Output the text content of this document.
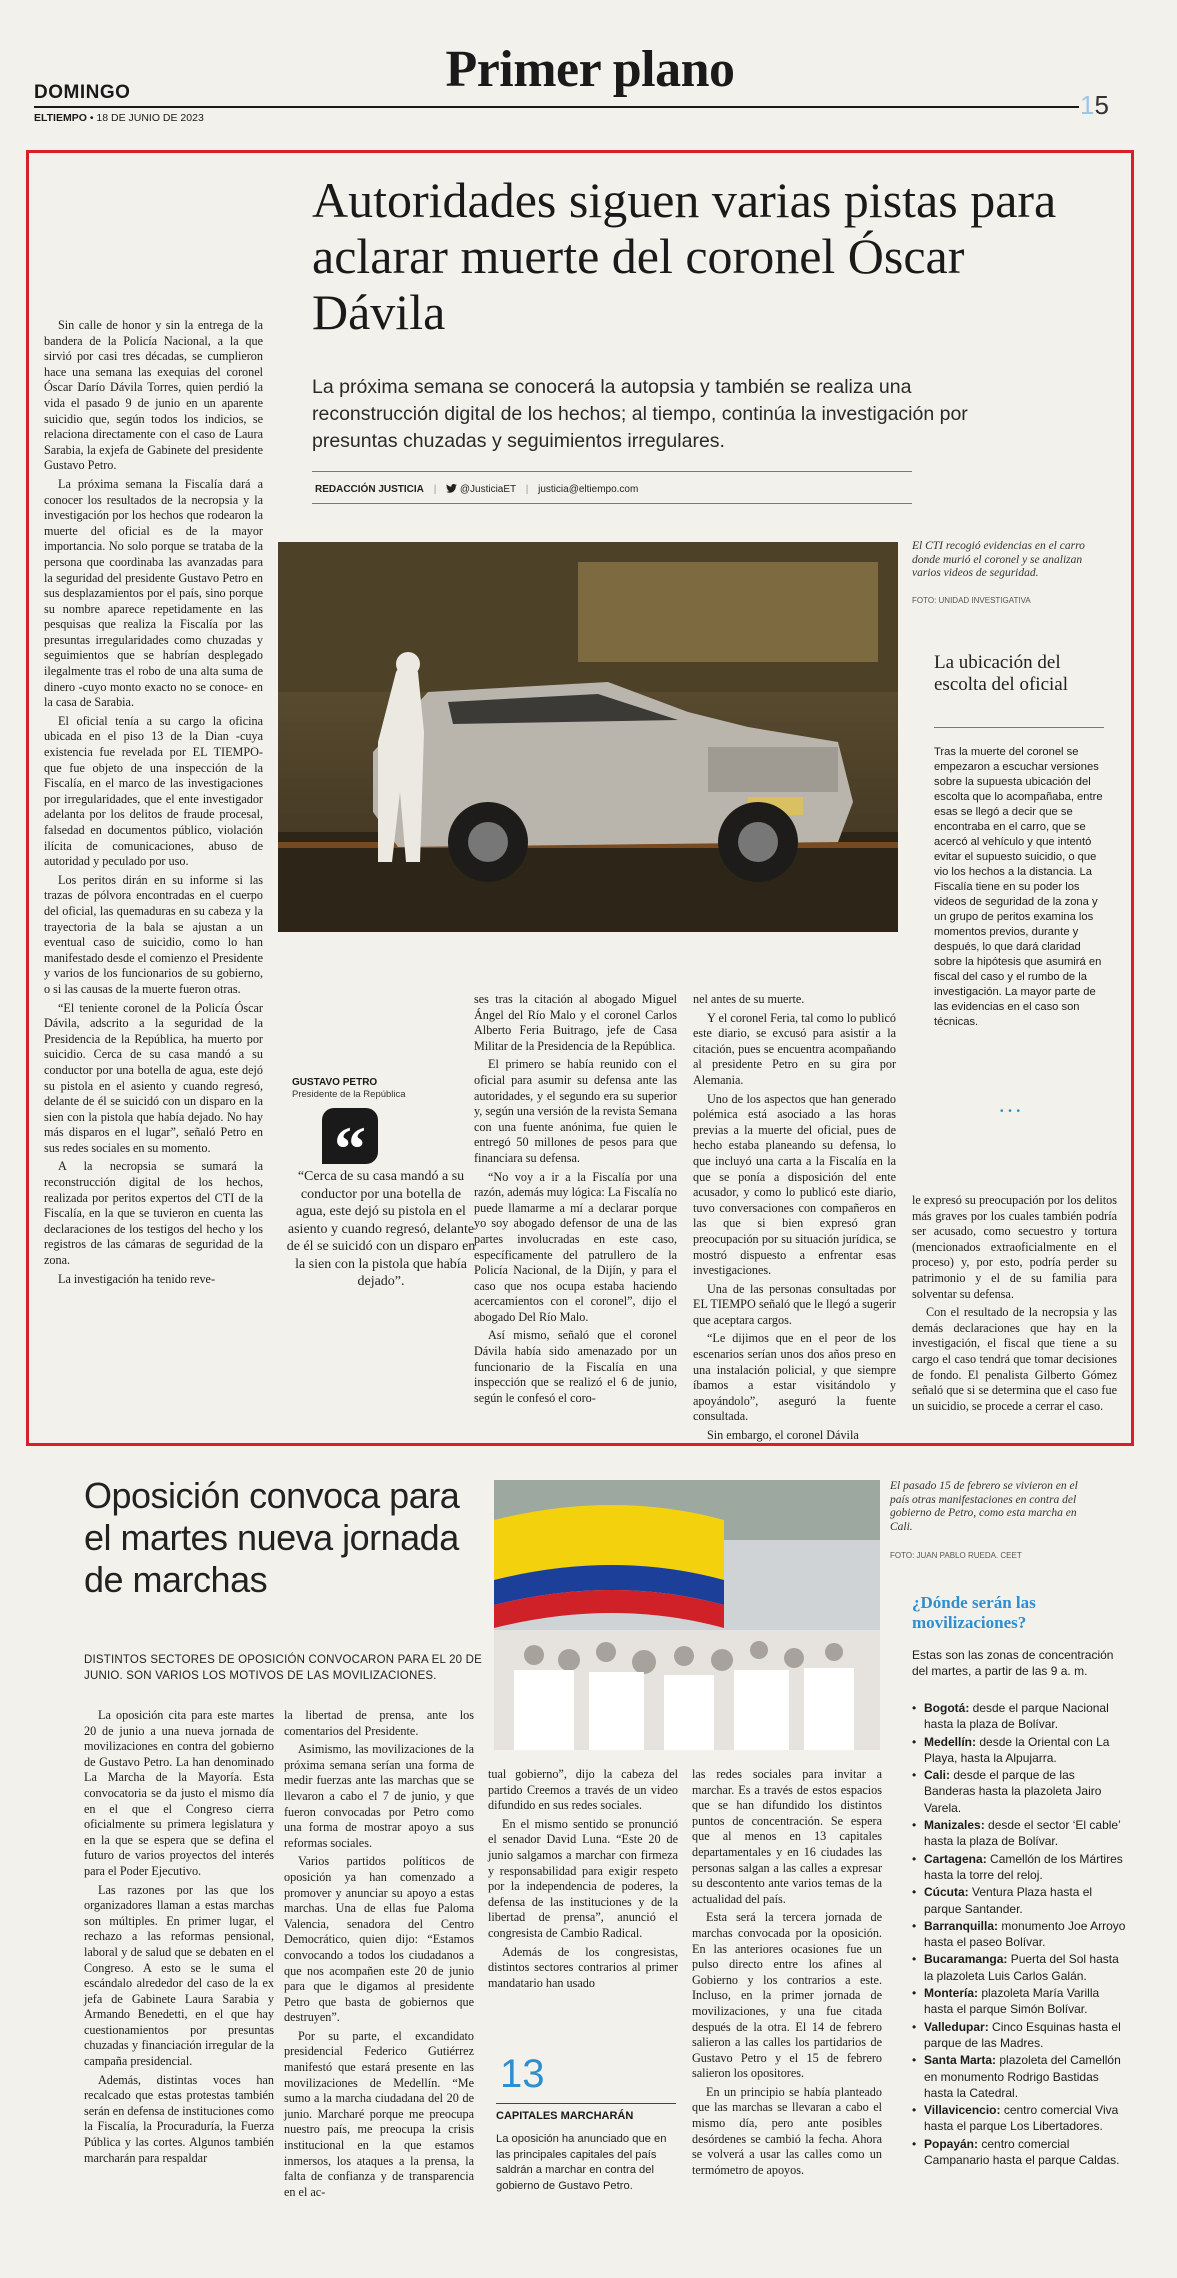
DOMINGO	Primer plano
ELTIEMPO • 18 DE JUNIO DE 2023	15
Autoridades siguen varias pistas para aclarar muerte del coronel Óscar Dávila
La próxima semana se conocerá la autopsia y también se realiza una reconstrucción digital de los hechos; al tiempo, continúa la investigación por presuntas chuzadas y seguimientos irregulares.
REDACCIÓN JUSTICIA | @JusticiaET | justicia@eltiempo.com
El CTI recogió evidencias en el carro donde murió el coronel y se analizan varios videos de seguridad.
FOTO: UNIDAD INVESTIGATIVA
La ubicación del escolta del oficial
Tras la muerte del coronel se empezaron a escuchar versiones sobre la supuesta ubicación del escolta que lo acompañaba, entre esas se llegó a decir que se encontraba en el carro, que se acercó al vehículo y que intentó evitar el supuesto suicidio, o que vio los hechos a la distancia. La Fiscalía tiene en su poder los videos de seguridad de la zona y un grupo de peritos examina los momentos previos, durante y después, lo que dará claridad sobre la hipótesis que asumirá en fiscal del caso y el rumbo de la investigación. La mayor parte de las evidencias en el caso son técnicas.
• • •
GUSTAVO PETRO
Presidente de la República
“
“Cerca de su casa mandó a su conductor por una botella de agua, este dejó su pistola en el asiento y cuando regresó, delante de él se suicidó con un disparo en la sien con la pistola que había dejado”.

Sin calle de honor y sin la entrega de la bandera de la Policía Nacional, a la que sirvió por casi tres décadas, se cumplieron hace una semana las exequias del coronel Óscar Darío Dávila Torres, quien perdió la vida el pasado 9 de junio en un aparente suicidio que, según todos los indicios, se relaciona directamente con el caso de Laura Sarabia, la exjefa de Gabinete del presidente Gustavo Petro.

La próxima semana la Fiscalía dará a conocer los resultados de la necropsia y la investigación por los hechos que rodearon la muerte del oficial es de la mayor importancia. No solo porque se trataba de la persona que coordinaba las avanzadas para la seguridad del presidente Gustavo Petro en sus desplazamientos por el país, sino porque su nombre aparece repetidamente en las pesquisas que realiza la Fiscalía por las presuntas irregularidades como chuzadas y seguimientos que se habrían desplegado ilegalmente tras el robo de una alta suma de dinero -cuyo monto exacto no se conoce- en la casa de Sarabia.

El oficial tenía a su cargo la oficina ubicada en el piso 13 de la Dian -cuya existencia fue revelada por EL TIEMPO- que fue objeto de una inspección de la Fiscalía, en el marco de las investigaciones por irregularidades, que el ente investigador adelanta por los delitos de fraude procesal, falsedad en documentos público, violación ilícita de comunicaciones, abuso de autoridad y peculado por uso.

Los peritos dirán en su informe si las trazas de pólvora encontradas en el cuerpo del oficial, las quemaduras en su cabeza y la trayectoria de la bala se ajustan a un eventual caso de suicidio, como lo han manifestado desde el comienzo el Presidente y varios de los funcionarios de su gobierno, o si las causas de la muerte fueron otras.

“El teniente coronel de la Policía Óscar Dávila, adscrito a la seguridad de la Presidencia de la República, ha muerto por suicidio. Cerca de su casa mandó a su conductor por una botella de agua, este dejó su pistola en el asiento y cuando regresó, delante de él se suicidó con un disparo en la sien con la pistola que había dejado. No hay más disparos en el lugar”, señaló Petro en sus redes sociales en su momento.

A la necropsia se sumará la reconstrucción digital de los hechos, realizada por peritos expertos del CTI de la Fiscalía, en la que se tuvieron en cuenta las declaraciones de los testigos del hecho y los registros de las cámaras de seguridad de la zona.

La investigación ha tenido reve-

ses tras la citación al abogado Miguel Ángel del Río Malo y el coronel Carlos Alberto Feria Buitrago, jefe de Casa Militar de la Presidencia de la República.

El primero se había reunido con el oficial para asumir su defensa ante las autoridades, y el segundo era su superior y, según una versión de la revista Semana con una fuente anónima, fue quien le entregó 50 millones de pesos para que financiara su defensa.

“No voy a ir a la Fiscalía por una razón, además muy lógica: La Fiscalía no puede llamarme a mí a declarar porque yo soy abogado defensor de una de las partes involucradas en este caso, específicamente del patrullero de la Policía Nacional, de la Dijín, y para el caso que nos ocupa estaba haciendo acercamientos con el coronel”, dijo el abogado Del Río Malo.

Así mismo, señaló que el coronel Dávila había sido amenazado por un funcionario de la Fiscalía en una inspección que se realizó el 6 de junio, según le confesó el coro-

nel antes de su muerte.

Y el coronel Feria, tal como lo publicó este diario, se excusó para asistir a la citación, pues se encuentra acompañando al presidente Petro en su gira por Alemania.

Uno de los aspectos que han generado polémica está asociado a las horas previas a la muerte del oficial, pues de hecho estaba planeando su defensa, lo que incluyó una carta a la Fiscalía en la que se ponía a disposición del ente acusador, y como lo publicó este diario, tuvo conversaciones con compañeros en las que si bien expresó gran preocupación por su situación jurídica, se mostró dispuesto a enfrentar esas investigaciones.

Una de las personas consultadas por EL TIEMPO señaló que le llegó a sugerir que aceptara cargos.

“Le dijimos que en el peor de los escenarios serían unos dos años preso en una instalación policial, y que siempre íbamos a estar visitándolo y apoyándolo”, aseguró la fuente consultada.

Sin embargo, el coronel Dávila

le expresó su preocupación por los delitos más graves por los cuales también podría ser acusado, como secuestro y tortura (mencionados extraoficialmente en el proceso) y, por esto, podría perder su patrimonio y el de su familia para solventar su defensa.

Con el resultado de la necropsia y las demás declaraciones que hay en la investigación, el fiscal que tiene a su cargo el caso tendrá que tomar decisiones de fondo. El penalista Gilberto Gómez señaló que si se determina que el caso fue un suicidio, se procede a cerrar el caso.

Oposición convoca para el martes nueva jornada de marchas
El pasado 15 de febrero se vivieron en el país otras manifestaciones en contra del gobierno de Petro, como esta marcha en Cali.
FOTO: JUAN PABLO RUEDA. CEET
DISTINTOS SECTORES DE OPOSICIÓN CONVOCARON PARA EL 20 DE JUNIO. SON VARIOS LOS MOTIVOS DE LAS MOVILIZACIONES.

La oposición cita para este martes 20 de junio a una nueva jornada de movilizaciones en contra del gobierno de Gustavo Petro. La han denominado La Marcha de la Mayoría. Esta convocatoria se da justo el mismo día en el que el Congreso cierra oficialmente su primera legislatura y en la que se espera que se defina el futuro de varios proyectos del interés para el Poder Ejecutivo.

Las razones por las que los organizadores llaman a estas marchas son múltiples. En primer lugar, el rechazo a las reformas pensional, laboral y de salud que se debaten en el Congreso. A esto se le suma el escándalo alrededor del caso de la ex jefa de Gabinete Laura Sarabia y Armando Benedetti, en el que hay cuestionamientos por presuntas chuzadas y financiación irregular de la campaña presidencial.

Además, distintas voces han recalcado que estas protestas también serán en defensa de instituciones como la Fiscalía, la Procuraduría, la Fuerza Pública y las cortes. Algunos también marcharán para respaldar

la libertad de prensa, ante los comentarios del Presidente.

Asimismo, las movilizaciones de la próxima semana serían una forma de medir fuerzas ante las marchas que se llevaron a cabo el 7 de junio, y que fueron convocadas por Petro como una forma de mostrar apoyo a sus reformas sociales.

Varios partidos políticos de oposición ya han comenzado a promover y anunciar su apoyo a estas marchas. Una de ellas fue Paloma Valencia, senadora del Centro Democrático, quien dijo: “Estamos convocando a todos los ciudadanos a que nos acompañen este 20 de junio para que le digamos al presidente Petro que basta de gobiernos que destruyen”.

Por su parte, el excandidato presidencial Federico Gutiérrez manifestó que estará presente en las movilizaciones de Medellín. “Me sumo a la marcha ciudadana del 20 de junio. Marcharé porque me preocupa nuestro país, me preocupa la crisis institucional en la que estamos inmersos, los ataques a la prensa, la falta de confianza y de transparencia en el ac-

tual gobierno”, dijo la cabeza del partido Creemos a través de un video difundido en sus redes sociales.

En el mismo sentido se pronunció el senador David Luna. “Este 20 de junio salgamos a marchar con firmeza y responsabilidad para exigir respeto por la independencia de poderes, la defensa de las instituciones y de la libertad de prensa”, anunció el congresista de Cambio Radical.

Además de los congresistas, distintos sectores contrarios al primer mandatario han usado

las redes sociales para invitar a marchar. Es a través de estos espacios que se han difundido los distintos puntos de concentración. Se espera que al menos en 13 capitales departamentales y en 16 ciudades las personas salgan a las calles a expresar su descontento ante varios temas de la actualidad del país.

Esta será la tercera jornada de marchas convocada por la oposición. En las anteriores ocasiones fue un pulso directo entre los afines al Gobierno y los contrarios a este. Incluso, en la primer jornada de movilizaciones, y una fue citada después de la otra. El 14 de febrero salieron a las calles los partidarios de Gustavo Petro y el 15 de febrero salieron los opositores.

En un principio se había planteado que las marchas se llevaran a cabo el mismo día, pero ante posibles desórdenes se cambió la fecha. Ahora se volverá a usar las calles como un termómetro de apoyos.

13
CAPITALES MARCHARÁN
La oposición ha anunciado que en las principales capitales del país saldrán a marchar en contra del gobierno de Gustavo Petro.
¿Dónde serán las movilizaciones?
Estas son las zonas de concentración del martes, a partir de las 9 a. m.
• Bogotá: desde el parque Nacional hasta la plaza de Bolívar.
• Medellín: desde la Oriental con La Playa, hasta la Alpujarra.
• Cali: desde el parque de las Banderas hasta la plazoleta Jairo Varela.
• Manizales: desde el sector ‘El cable’ hasta la plaza de Bolívar.
• Cartagena: Camellón de los Mártires hasta la torre del reloj.
• Cúcuta: Ventura Plaza hasta el parque Santander.
• Barranquilla: monumento Joe Arroyo hasta el paseo Bolívar.
• Bucaramanga: Puerta del Sol hasta la plazoleta Luis Carlos Galán.
• Montería: plazoleta María Varilla hasta el parque Simón Bolívar.
• Valledupar: Cinco Esquinas hasta el parque de las Madres.
• Santa Marta: plazoleta del Camellón en monumento Rodrigo Bastidas hasta la Catedral.
• Villavicencio: centro comercial Viva hasta el parque Los Libertadores.
• Popayán: centro comercial Campanario hasta el parque Caldas.
